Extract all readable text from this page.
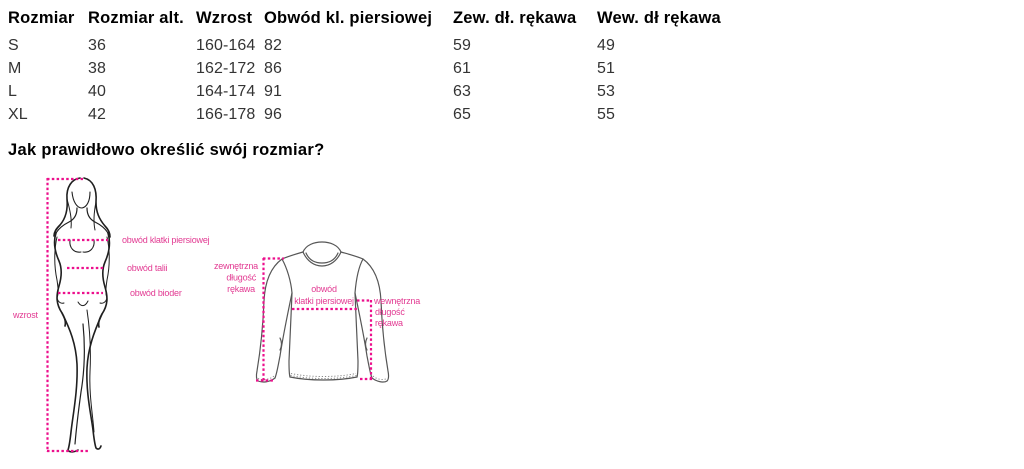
Rozmiar	Rozmiar alt.	Wzrost	Obwód kl. piersiowej	Zew. dł. rękawa	Wew. dł rękawa
S	36	160-164	82	59	49
M	38	162-172	86	61	51
L	40	164-174	91	63	53
XL	42	166-178	96	65	55
Jak prawidłowo określić swój rozmiar?
wzrost
obwód klatki piersiowej
obwód talii
obwód bioder
zewnętrzna
długość
rękawa	obwód
klatki piersiowej wewnętrzna
długość
rękawa
